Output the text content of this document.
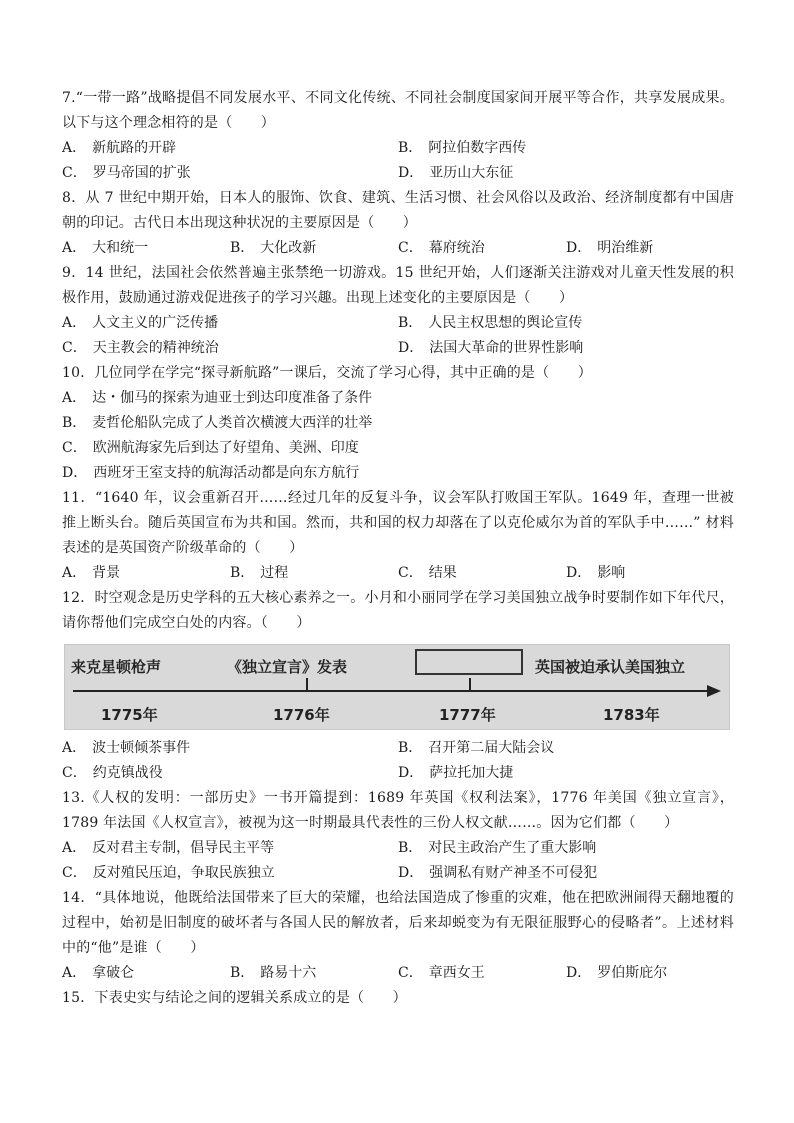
7.“一带一路”战略提倡不同发展水平、不同文化传统、不同社会制度国家间开展平等合作，共享发展成果。以下与这个理念相符的是（　　）

A． 新航路的开辟	B． 阿拉伯数字西传
C． 罗马帝国的扩张	D． 亚历山大东征

8．从 7 世纪中期开始，日本人的服饰、饮食、建筑、生活习惯、社会风俗以及政治、经济制度都有中国唐朝的印记。古代日本出现这种状况的主要原因是（　　）

A． 大和统一	B． 大化改新	C． 幕府统治	D． 明治维新

9．14 世纪，法国社会依然普遍主张禁绝一切游戏。15 世纪开始，人们逐渐关注游戏对儿童天性发展的积极作用，鼓励通过游戏促进孩子的学习兴趣。出现上述变化的主要原因是（　　）

A． 人文主义的广泛传播	B． 人民主权思想的舆论宣传
C． 天主教会的精神统治	D． 法国大革命的世界性影响

10．几位同学在学完“探寻新航路”一课后，交流了学习心得，其中正确的是（　　）

A． 达・伽马的探索为迪亚士到达印度准备了条件
B． 麦哲伦船队完成了人类首次横渡大西洋的壮举
C． 欧洲航海家先后到达了好望角、美洲、印度
D． 西班牙王室支持的航海活动都是向东方航行

11．“1640 年，议会重新召开……经过几年的反复斗争，议会军队打败国王军队。1649 年，查理一世被推上断头台。随后英国宣布为共和国。然而，共和国的权力却落在了以克伦威尔为首的军队手中……” 材料表述的是英国资产阶级革命的（　　）

A． 背景	B． 过程	C． 结果	D． 影响

12．时空观念是历史学科的五大核心素养之一。小月和小丽同学在学习美国独立战争时要制作如下年代尺，请你帮他们完成空白处的内容。（　　）

来克星顿枪声	《独立宣言》发表	英国被迫承认美国独立
1775年	1776年	1777年	1783年
A． 波士顿倾茶事件	B． 召开第二届大陆会议
C． 约克镇战役	D． 萨拉托加大捷

13.《人权的发明：一部历史》一书开篇提到：1689 年英国《权利法案》，1776 年美国《独立宣言》，1789 年法国《人权宣言》，被视为这一时期最具代表性的三份人权文献……。因为它们都（　　）

A． 反对君主专制，倡导民主平等	B． 对民主政治产生了重大影响
C． 反对殖民压迫，争取民族独立	D． 强调私有财产神圣不可侵犯

14．“具体地说，他既给法国带来了巨大的荣耀，也给法国造成了惨重的灾难，他在把欧洲闹得天翻地覆的过程中，始初是旧制度的破坏者与各国人民的解放者，后来却蜕变为有无限征服野心的侵略者”。上述材料中的“他”是谁（　　）

A． 拿破仑	B． 路易十六	C． 章西女王	D． 罗伯斯庇尔

15．下表史实与结论之间的逻辑关系成立的是（　　）
